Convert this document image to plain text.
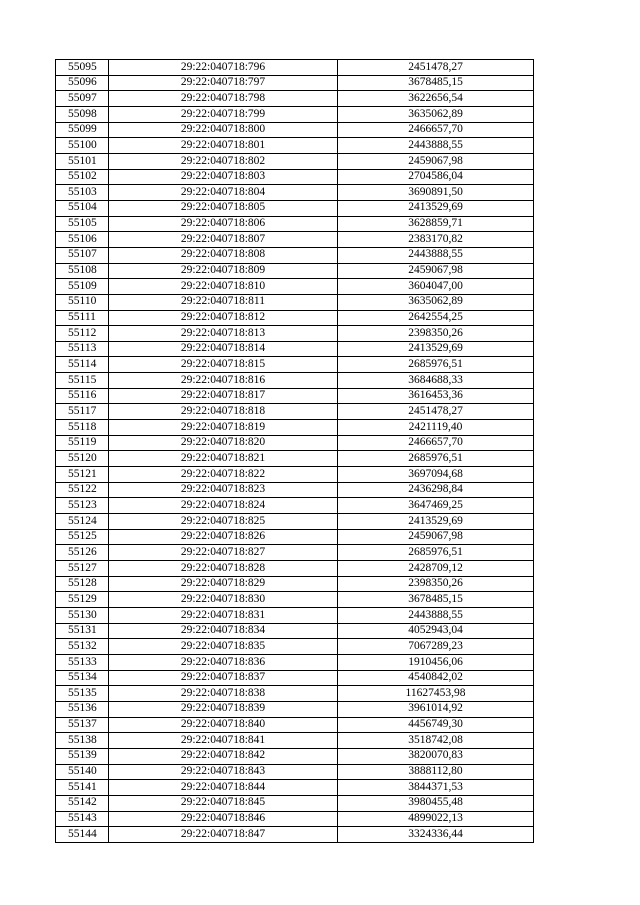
55095	29:22:040718:796	2451478,27
55096	29:22:040718:797	3678485,15
55097	29:22:040718:798	3622656,54
55098	29:22:040718:799	3635062,89
55099	29:22:040718:800	2466657,70
55100	29:22:040718:801	2443888,55
55101	29:22:040718:802	2459067,98
55102	29:22:040718:803	2704586,04
55103	29:22:040718:804	3690891,50
55104	29:22:040718:805	2413529,69
55105	29:22:040718:806	3628859,71
55106	29:22:040718:807	2383170,82
55107	29:22:040718:808	2443888,55
55108	29:22:040718:809	2459067,98
55109	29:22:040718:810	3604047,00
55110	29:22:040718:811	3635062,89
55111	29:22:040718:812	2642554,25
55112	29:22:040718:813	2398350,26
55113	29:22:040718:814	2413529,69
55114	29:22:040718:815	2685976,51
55115	29:22:040718:816	3684688,33
55116	29:22:040718:817	3616453,36
55117	29:22:040718:818	2451478,27
55118	29:22:040718:819	2421119,40
55119	29:22:040718:820	2466657,70
55120	29:22:040718:821	2685976,51
55121	29:22:040718:822	3697094,68
55122	29:22:040718:823	2436298,84
55123	29:22:040718:824	3647469,25
55124	29:22:040718:825	2413529,69
55125	29:22:040718:826	2459067,98
55126	29:22:040718:827	2685976,51
55127	29:22:040718:828	2428709,12
55128	29:22:040718:829	2398350,26
55129	29:22:040718:830	3678485,15
55130	29:22:040718:831	2443888,55
55131	29:22:040718:834	4052943,04
55132	29:22:040718:835	7067289,23
55133	29:22:040718:836	1910456,06
55134	29:22:040718:837	4540842,02
55135	29:22:040718:838	11627453,98
55136	29:22:040718:839	3961014,92
55137	29:22:040718:840	4456749,30
55138	29:22:040718:841	3518742,08
55139	29:22:040718:842	3820070,83
55140	29:22:040718:843	3888112,80
55141	29:22:040718:844	3844371,53
55142	29:22:040718:845	3980455,48
55143	29:22:040718:846	4899022,13
55144	29:22:040718:847	3324336,44
